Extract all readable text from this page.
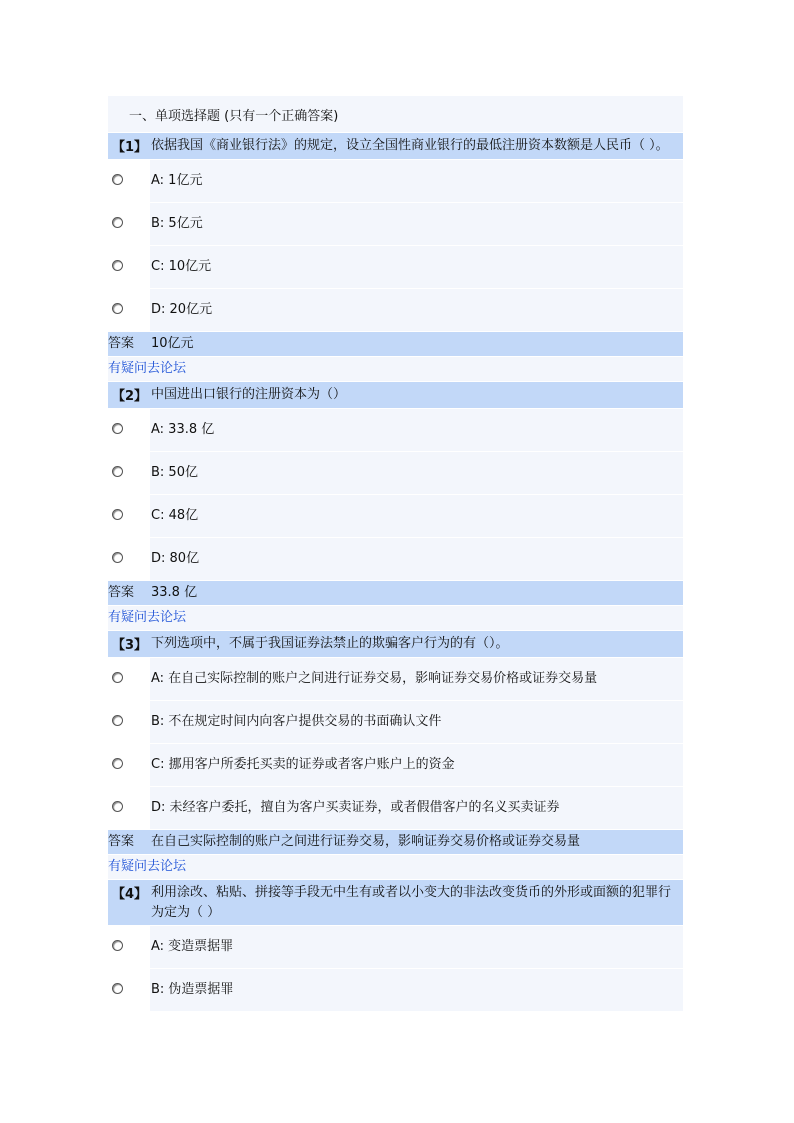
一、单项选择题 (只有一个正确答案)
【1】 依据我国《商业银行法》的规定，设立全国性商业银行的最低注册资本数额是人民币（ ）。
A: 1亿元
B: 5亿元
C: 10亿元
D: 20亿元
答案	10亿元
有疑问去论坛
【2】 中国进出口银行的注册资本为（）
A: 33.8 亿
B: 50亿
C: 48亿
D: 80亿
答案	33.8 亿
有疑问去论坛
【3】 下列选项中，不属于我国证券法禁止的欺骗客户行为的有（）。
A: 在自己实际控制的账户之间进行证券交易，影响证券交易价格或证券交易量
B: 不在规定时间内向客户提供交易的书面确认文件
C: 挪用客户所委托买卖的证券或者客户账户上的资金
D: 未经客户委托，擅自为客户买卖证券，或者假借客户的名义买卖证券
答案	在自己实际控制的账户之间进行证券交易，影响证券交易价格或证券交易量
有疑问去论坛
【4】 利用涂改、粘贴、拼接等手段无中生有或者以小变大的非法改变货币的外形或面额的犯罪行为定为（ ）
A: 变造票据罪
B: 伪造票据罪
